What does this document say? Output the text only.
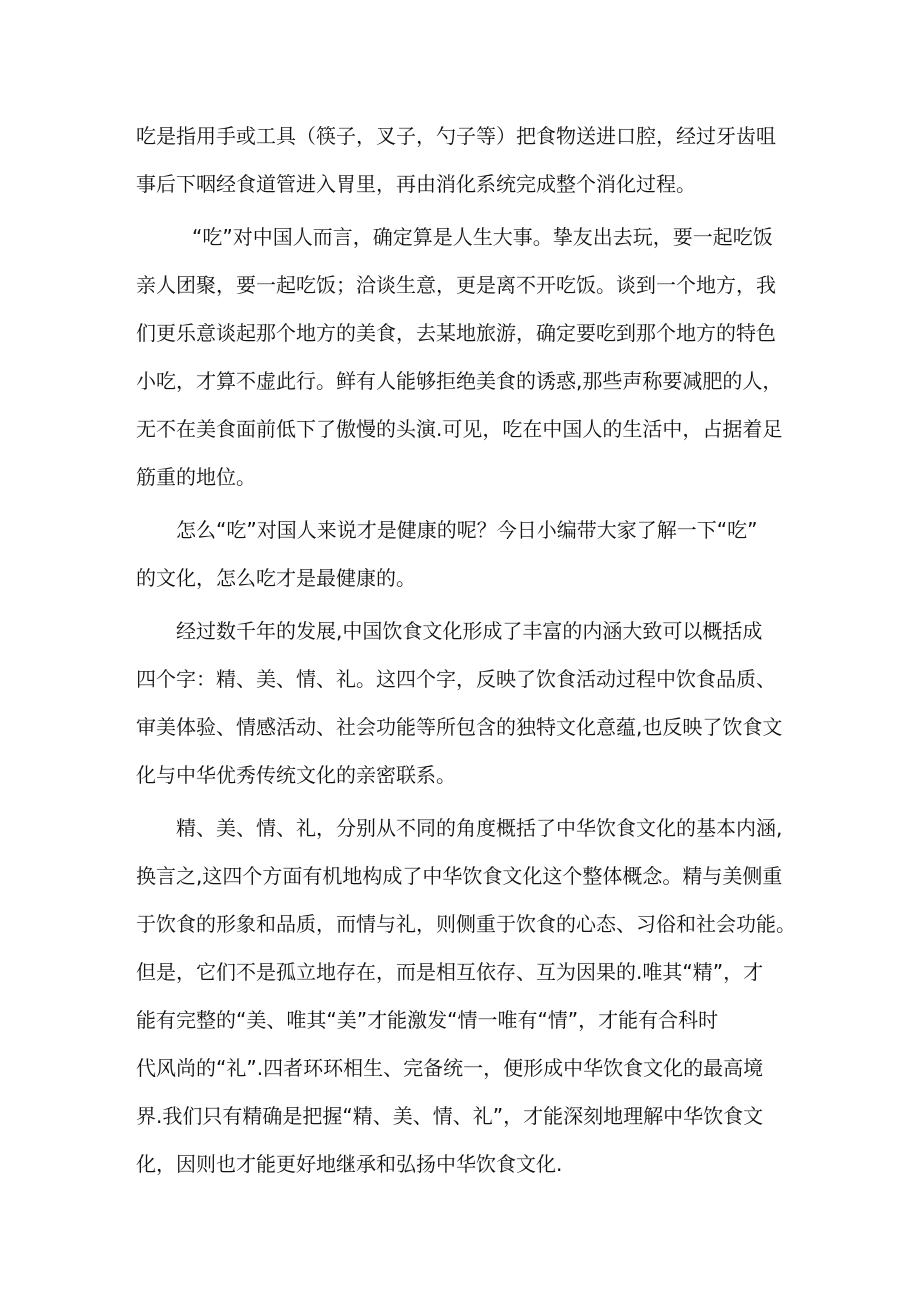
吃是指用手或工具（筷子，叉子，勺子等）把食物送进口腔，经过牙齿咀
事后下咽经食道管进入胃里，再由消化系统完成整个消化过程。
“吃”对中国人而言，确定算是人生大事。挚友出去玩，要一起吃饭
亲人团聚，要一起吃饭；洽谈生意，更是离不开吃饭。谈到一个地方，我
们更乐意谈起那个地方的美食，去某地旅游，确定要吃到那个地方的特色
小吃，才算不虚此行。鲜有人能够拒绝美食的诱惑,那些声称要减肥的人，
无不在美食面前低下了傲慢的头演.可见，吃在中国人的生活中，占据着足
筋重的地位。
怎么“吃”对国人来说才是健康的呢？今日小编带大家了解一下“吃”
的文化，怎么吃才是最健康的。
经过数千年的发展,中国饮食文化形成了丰富的内涵大致可以概括成
四个字：精、美、情、礼。这四个字，反映了饮食活动过程中饮食品质、
审美体验、情感活动、社会功能等所包含的独特文化意蕴,也反映了饮食文
化与中华优秀传统文化的亲密联系。
精、美、情、礼，分别从不同的角度概括了中华饮食文化的基本内涵,
换言之,这四个方面有机地构成了中华饮食文化这个整体概念。精与美侧重
于饮食的形象和品质，而情与礼，则侧重于饮食的心态、习俗和社会功能。
但是，它们不是孤立地存在，而是相互依存、互为因果的.唯其“精”，才
能有完整的“美、唯其“美”才能激发“情一唯有“情”，才能有合科时
代风尚的“礼”.四者环环相生、完备统一，便形成中华饮食文化的最高境
界.我们只有精确是把握“精、美、情、礼”，才能深刻地理解中华饮食文
化，因则也才能更好地继承和弘扬中华饮食文化.
